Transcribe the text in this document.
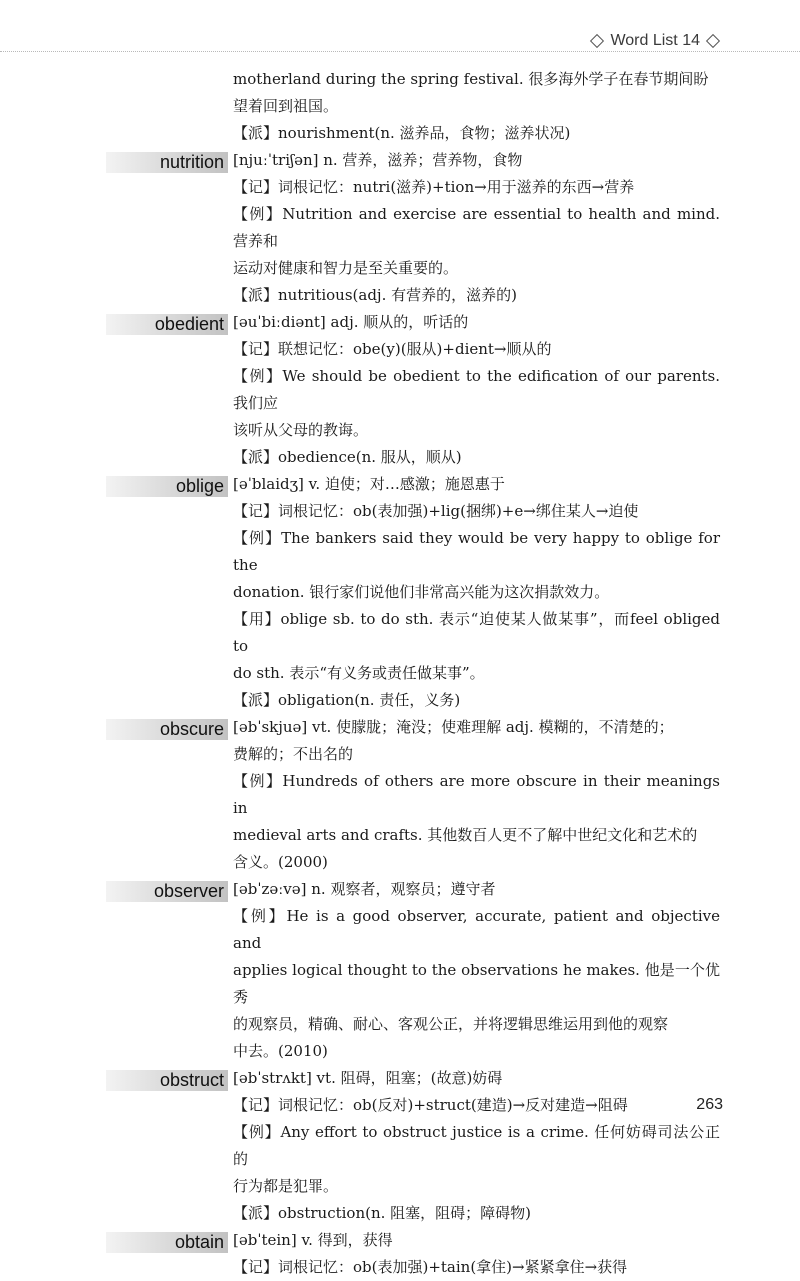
Word List 14
motherland during the spring festival. 很多海外学子在春节期间盼
望着回到祖国。
【派】nourishment(n. 滋养品，食物；滋养状况)
nutrition [njuːˈtriʃən] n. 营养，滋养；营养物，食物
【记】词根记忆：nutri(滋养)+tion→用于滋养的东西→营养
【例】Nutrition and exercise are essential to health and mind. 营养和
运动对健康和智力是至关重要的。
【派】nutritious(adj. 有营养的，滋养的)
obedient [əuˈbiːdiənt] adj. 顺从的，听话的
【记】联想记忆：obe(y)(服从)+dient→顺从的
【例】We should be obedient to the edification of our parents. 我们应
该听从父母的教诲。
【派】obedience(n. 服从，顺从)
oblige [əˈblaidʒ] v. 迫使；对…感激；施恩惠于
【记】词根记忆：ob(表加强)+lig(捆绑)+e→绑住某人→迫使
【例】The bankers said they would be very happy to oblige for the
donation. 银行家们说他们非常高兴能为这次捐款效力。
【用】oblige sb. to do sth. 表示“迫使某人做某事”，而feel obliged to
do sth. 表示“有义务或责任做某事”。
【派】obligation(n. 责任，义务)
obscure [əbˈskjuə] vt. 使朦胧；淹没；使难理解 adj. 模糊的，不清楚的；
费解的；不出名的
【例】Hundreds of others are more obscure in their meanings in
medieval arts and crafts. 其他数百人更不了解中世纪文化和艺术的
含义。(2000)
observer [əbˈzəːvə] n. 观察者，观察员；遵守者
【例】He is a good observer, accurate, patient and objective and
applies logical thought to the observations he makes. 他是一个优秀
的观察员，精确、耐心、客观公正，并将逻辑思维运用到他的观察
中去。(2010)
obstruct [əbˈstrʌkt] vt. 阻碍，阻塞；(故意)妨碍
【记】词根记忆：ob(反对)+struct(建造)→反对建造→阻碍
【例】Any effort to obstruct justice is a crime. 任何妨碍司法公正的
行为都是犯罪。
【派】obstruction(n. 阻塞，阻碍；障碍物)
obtain [əbˈtein] v. 得到，获得
【记】词根记忆：ob(表加强)+tain(拿住)→紧紧拿住→获得
263
